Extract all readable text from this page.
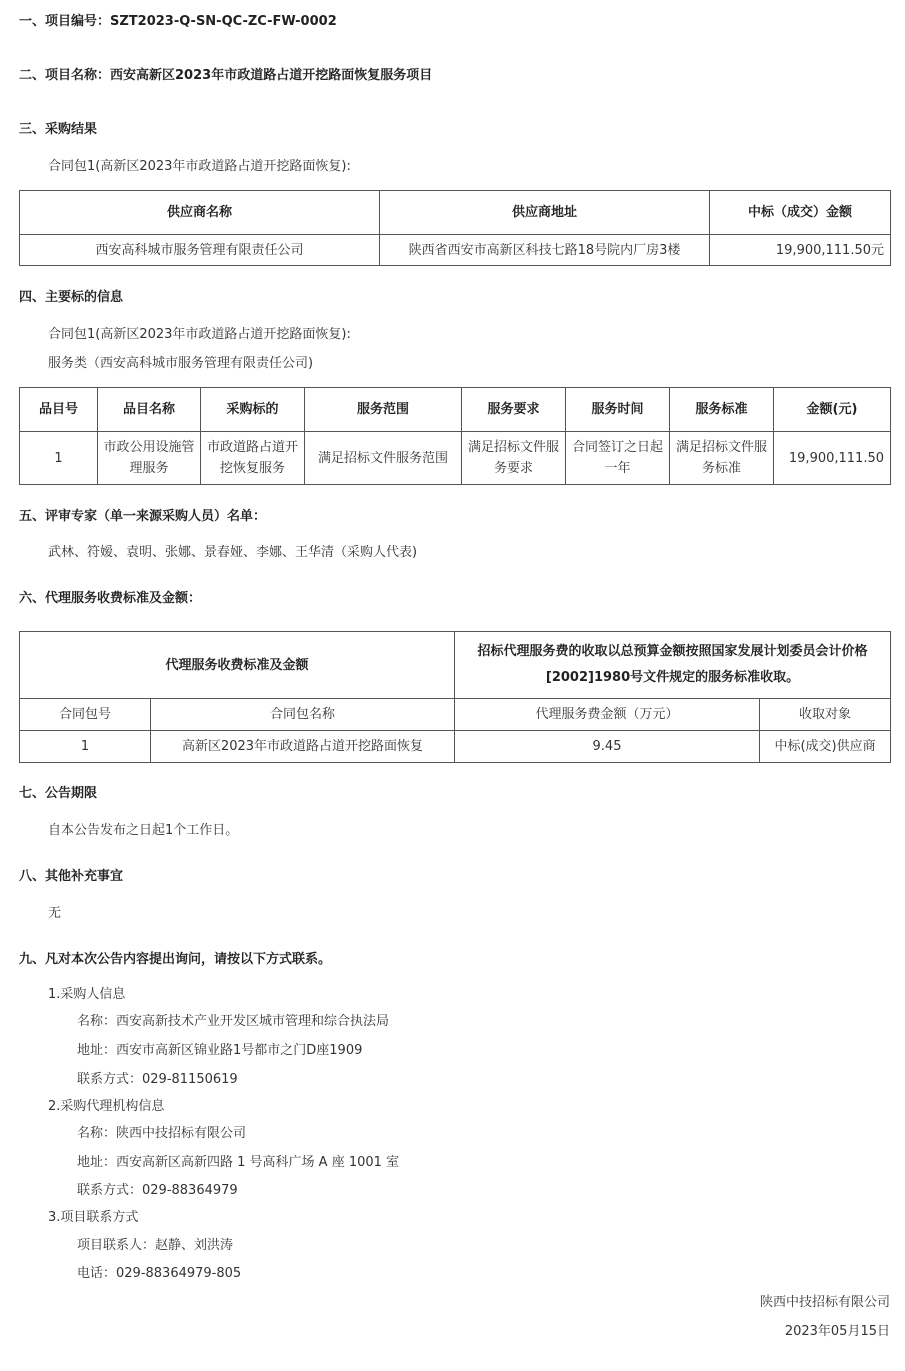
一、项目编号：SZT2023-Q-SN-QC-ZC-FW-0002
二、项目名称：西安高新区2023年市政道路占道开挖路面恢复服务项目
三、采购结果
合同包1(高新区2023年市政道路占道开挖路面恢复):
供应商名称	供应商地址	中标（成交）金额
西安高科城市服务管理有限责任公司	陕西省西安市高新区科技七路18号院内厂房3楼	19,900,111.50元
四、主要标的信息
合同包1(高新区2023年市政道路占道开挖路面恢复):
服务类（西安高科城市服务管理有限责任公司)
品目号	品目名称	采购标的	服务范围	服务要求	服务时间	服务标准	金额(元)
1	市政公用设施管理服务	市政道路占道开挖恢复服务	满足招标文件服务范围	满足招标文件服务要求	合同签订之日起一年	满足招标文件服务标准	19,900,111.50
五、评审专家（单一来源采购人员）名单：
武林、符嫒、袁明、张娜、景春娅、李娜、王华清（采购人代表)
六、代理服务收费标准及金额：
代理服务收费标准及金额		招标代理服务费的收取以总预算金额按照国家发展计划委员会计价格[2002]1980号文件规定的服务标准收取。	
合同包号	合同包名称	代理服务费金额（万元）	收取对象
1	高新区2023年市政道路占道开挖路面恢复	9.45	中标(成交)供应商
七、公告期限
自本公告发布之日起1个工作日。
八、其他补充事宜
无
九、凡对本次公告内容提出询问，请按以下方式联系。
1.采购人信息
名称：西安高新技术产业开发区城市管理和综合执法局
地址：西安市高新区锦业路1号都市之门D座1909
联系方式：029-81150619
2.采购代理机构信息
名称：陕西中技招标有限公司
地址：西安高新区高新四路 1 号高科广场 A 座 1001 室
联系方式：029-88364979
3.项目联系方式
项目联系人：赵静、刘洪涛
电话：029-88364979-805
陕西中技招标有限公司
2023年05月15日
